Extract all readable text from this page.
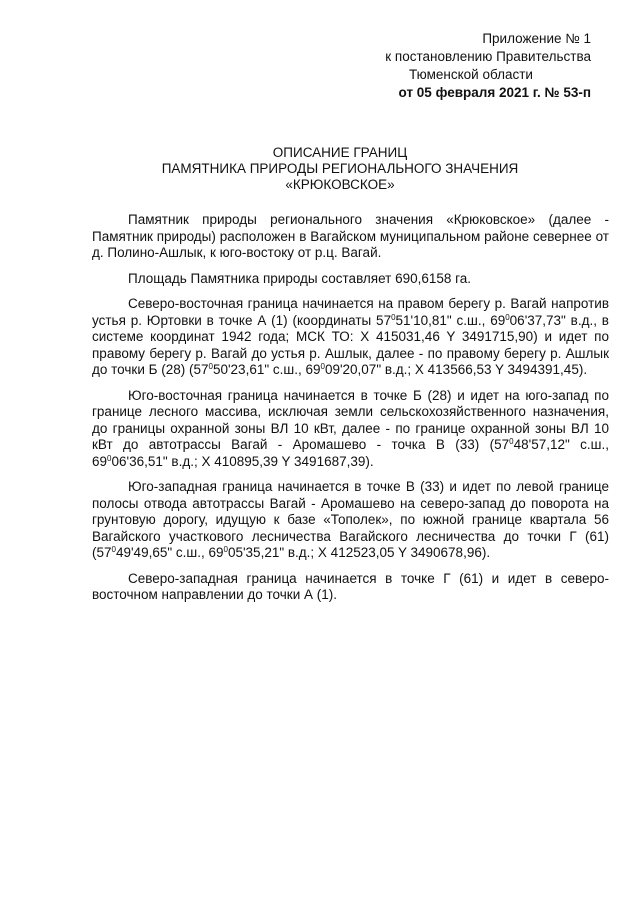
Приложение № 1
к постановлению Правительства
Тюменской области
от 05 февраля 2021 г. № 53-п
ОПИСАНИЕ ГРАНИЦ
ПАМЯТНИКА ПРИРОДЫ РЕГИОНАЛЬНОГО ЗНАЧЕНИЯ
«КРЮКОВСКОЕ»

Памятник природы регионального значения «Крюковское» (далее - Памятник природы) расположен в Вагайском муниципальном районе севернее от д. Полино-Ашлык, к юго-востоку от р.ц. Вагай.

Площадь Памятника природы составляет 690,6158 га.

Северо-восточная граница начинается на правом берегу р. Вагай напротив устья р. Юртовки в точке А (1) (координаты $57^051'10,81$" с.ш., $69^006'37,73$" в.д., в системе координат 1942 года; МСК ТО: X 415031,46 Y 3491715,90) и идет по правому берегу р. Вагай до устья р. Ашлык, далее - по правому берегу р. Ашлык до точки Б (28) ($57^050'23,61$" с.ш., $69^009'20,07$" в.д.; X 413566,53 Y 3494391,45).

Юго-восточная граница начинается в точке Б (28) и идет на юго-запад по границе лесного массива, исключая земли сельскохозяйственного назначения, до границы охранной зоны ВЛ 10 кВт, далее - по границе охранной зоны ВЛ 10 кВт до автотрассы Вагай - Аромашево - точка В (33) ($57^048'57,12$" с.ш., $69^006'36,51$" в.д.; X 410895,39 Y 3491687,39).

Юго-западная граница начинается в точке В (33) и идет по левой границе полосы отвода автотрассы Вагай - Аромашево на северо-запад до поворота на грунтовую дорогу, идущую к базе «Тополек», по южной границе квартала 56 Вагайского участкового лесничества Вагайского лесничества до точки Г (61) ($57^049'49,65$" с.ш., $69^005'35,21$" в.д.; X 412523,05 Y 3490678,96).

Северо-западная граница начинается в точке Г (61) и идет в северо-восточном направлении до точки А (1).
